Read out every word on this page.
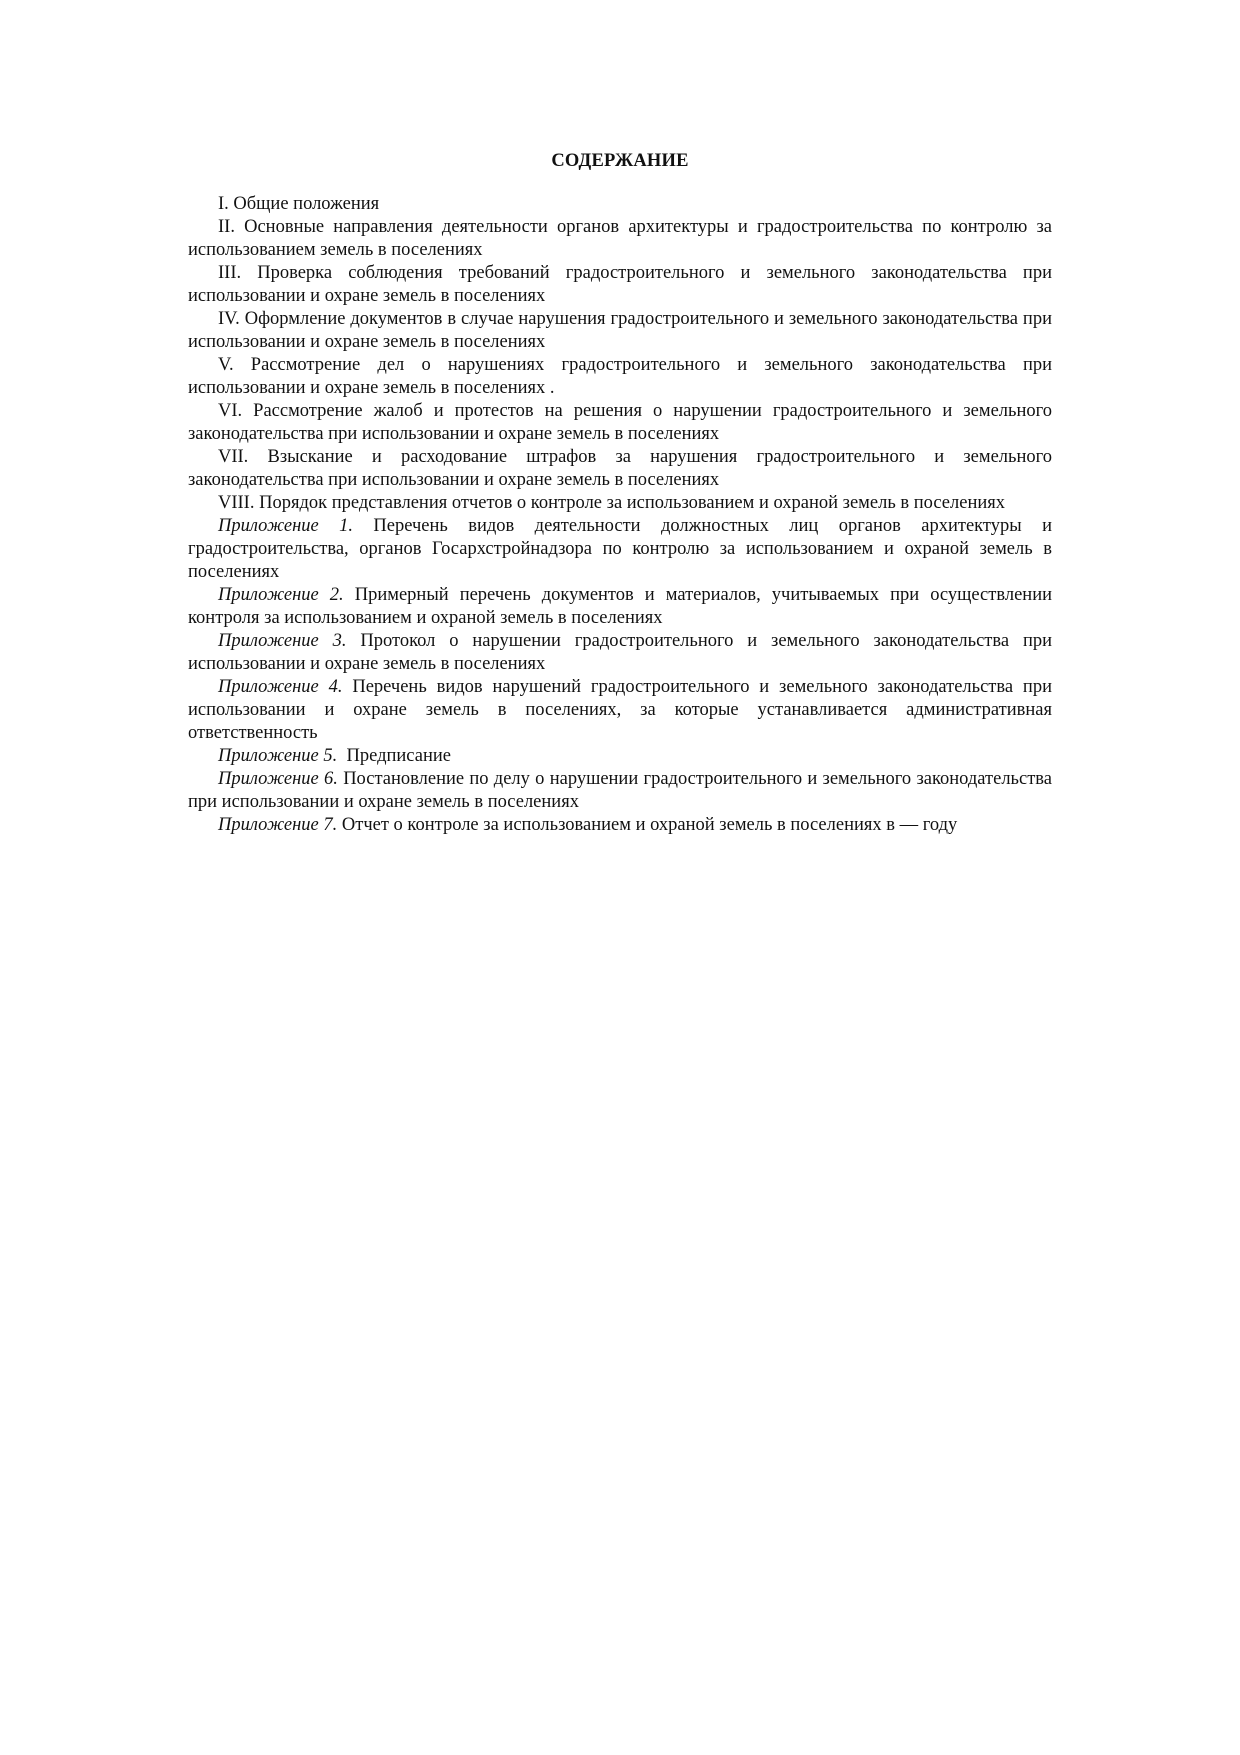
СОДЕРЖАНИЕ

I. Общие положения

II. Основные направления деятельности органов архитектуры и градостроительства по контролю за использованием земель в поселениях

III. Проверка соблюдения требований градостроительного и земельного законодательства при использовании и охране земель в поселениях

IV. Оформление документов в случае нарушения градостроительного и земельного законодательства при использовании и охране земель в поселениях

V. Рассмотрение дел о нарушениях градостроительного и земельного законодательства при использовании и охране земель в поселениях .

VI. Рассмотрение жалоб и протестов на решения о нарушении градостроительного и земельного законодательства при использовании и охране земель в поселениях

VII. Взыскание и расходование штрафов за нарушения градостроительного и земельного законодательства при использовании и охране земель в поселениях

VIII. Порядок представления отчетов о контроле за использованием и охраной земель в поселениях

Приложение 1. Перечень видов деятельности должностных лиц органов архитектуры и градостроительства, органов Госархстройнадзора по контролю за использованием и охраной земель в поселениях

Приложение 2. Примерный перечень документов и материалов, учитываемых при осуществлении контроля за использованием и охраной земель в поселениях

Приложение 3. Протокол о нарушении градостроительного и земельного законодательства при использовании и охране земель в поселениях

Приложение 4. Перечень видов нарушений градостроительного и земельного законодательства при использовании и охране земель в поселениях, за которые устанавливается административная ответственность

Приложение 5.  Предписание

Приложение 6. Постановление по делу о нарушении градостроительного и земельного законодательства при использовании и охране земель в поселениях

Приложение 7. Отчет о контроле за использованием и охраной земель в поселениях в — году
